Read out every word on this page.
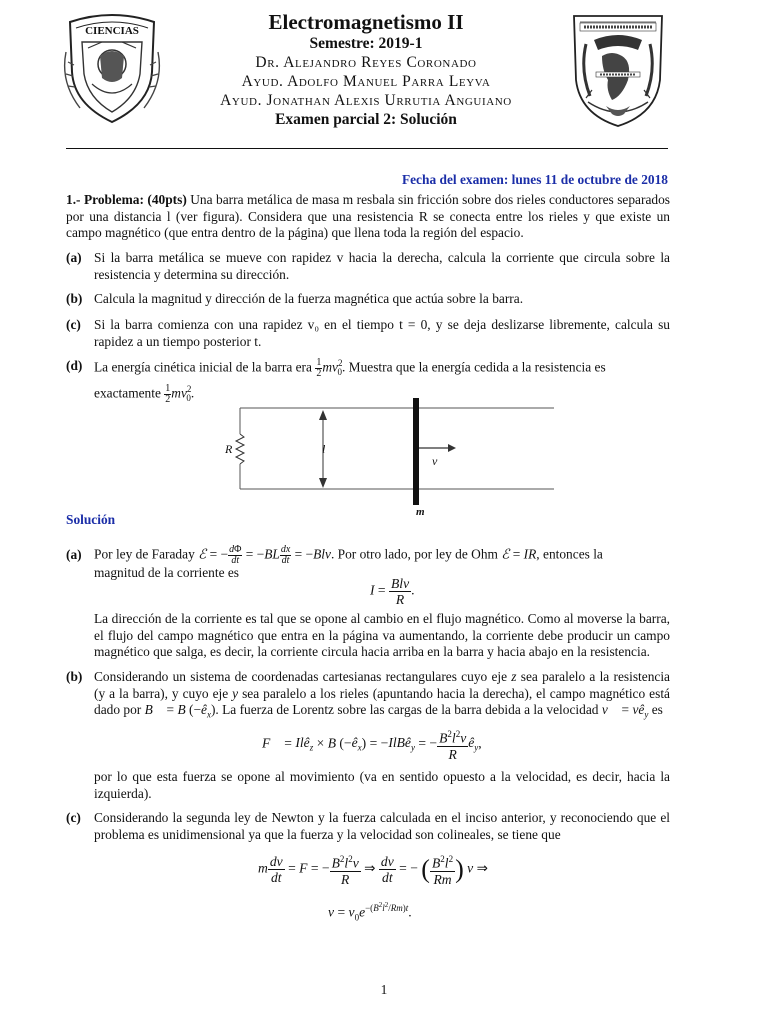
CIENCIAS	Electromagnetismo II
Semestre: 2019-1
Dr. Alejandro Reyes Coronado
Ayud. Adolfo Manuel Parra Leyva
Ayud. Jonathan Alexis Urrutia Anguiano
Examen parcial 2: Solución
Fecha del examen: lunes 11 de octubre de 2018
1.- Problema: (40pts) Una barra metálica de masa m resbala sin fricción sobre dos rieles conductores separados por una distancia l (ver figura). Considera que una resistencia R se conecta entre los rieles y que existe un campo magnético (que entra dentro de la página) que llena toda la región del espacio.
(a) Si la barra metálica se mueve con rapidez v hacia la derecha, calcula la corriente que circula sobre la resistencia y determina su dirección.
(b) Calcula la magnitud y dirección de la fuerza magnética que actúa sobre la barra.
(c) Si la barra comienza con una rapidez v₀ en el tiempo t = 0, y se deja deslizarse libremente, calcula su rapidez a un tiempo posterior t.
(d) La energía cinética inicial de la barra era $\frac{1}{2} mv^2_0$. Muestra que la energía cedida a la resistencia es exactamente $\frac{1}{2} mv^2_0$.
R	l
v
m
Solución
(a) Por ley de Faraday ℰ = − $\frac{d\Phi}{dt} = -BL \frac{dx}{dt} = -Blv$. Por otro lado, por ley de Ohm ℰ = IR, entonces la
magnitud de la corriente es
$I = \frac{\text{Blv}}{R}$ .
La dirección de la corriente es tal que se opone al cambio en el flujo magnético. Como al moverse la barra, el flujo del campo magnético que entra en la página va aumentando, la corriente debe producir un campo magnético que salga, es decir, la corriente circula hacia arriba en la barra y hacia abajo en la resistencia.
(b) Considerando un sistema de coordenadas cartesianas rectangulares cuyo eje z sea paralelo a la resistencia (y a la barra), y cuyo eje y sea paralelo a los rieles (apuntando hacia la derecha), el campo magnético está dado por B⃗ = B $(-ê_x)$. La fuerza de Lorentz sobre las cargas de la barra debida a la velocidad v⃗ = $vê_y$ es
F⃗ = Ilê$_z$ × B $(-ê_x)$ = −IlBê$_y$ = − $\frac{B^2l^2v}{R}$ $ê_y$,
por lo que esta fuerza se opone al movimiento (va en sentido opuesto a la velocidad, es decir, hacia la izquierda).
(c) Considerando la segunda ley de Newton y la fuerza calculada en el inciso anterior, y reconociendo que el problema es unidimensional ya que la fuerza y la velocidad son colineales, se tiene que
m $\frac{dv}{dt} = F$ = − $\frac{B^2l^2v}{R}$ ⇒ $\frac{dv}{dt}$ = − ( $\frac{B^2l^2}{Rm}$ ) v ⇒
$v = v_0e^{-(B^2l^2/Rm)t}$.
1
